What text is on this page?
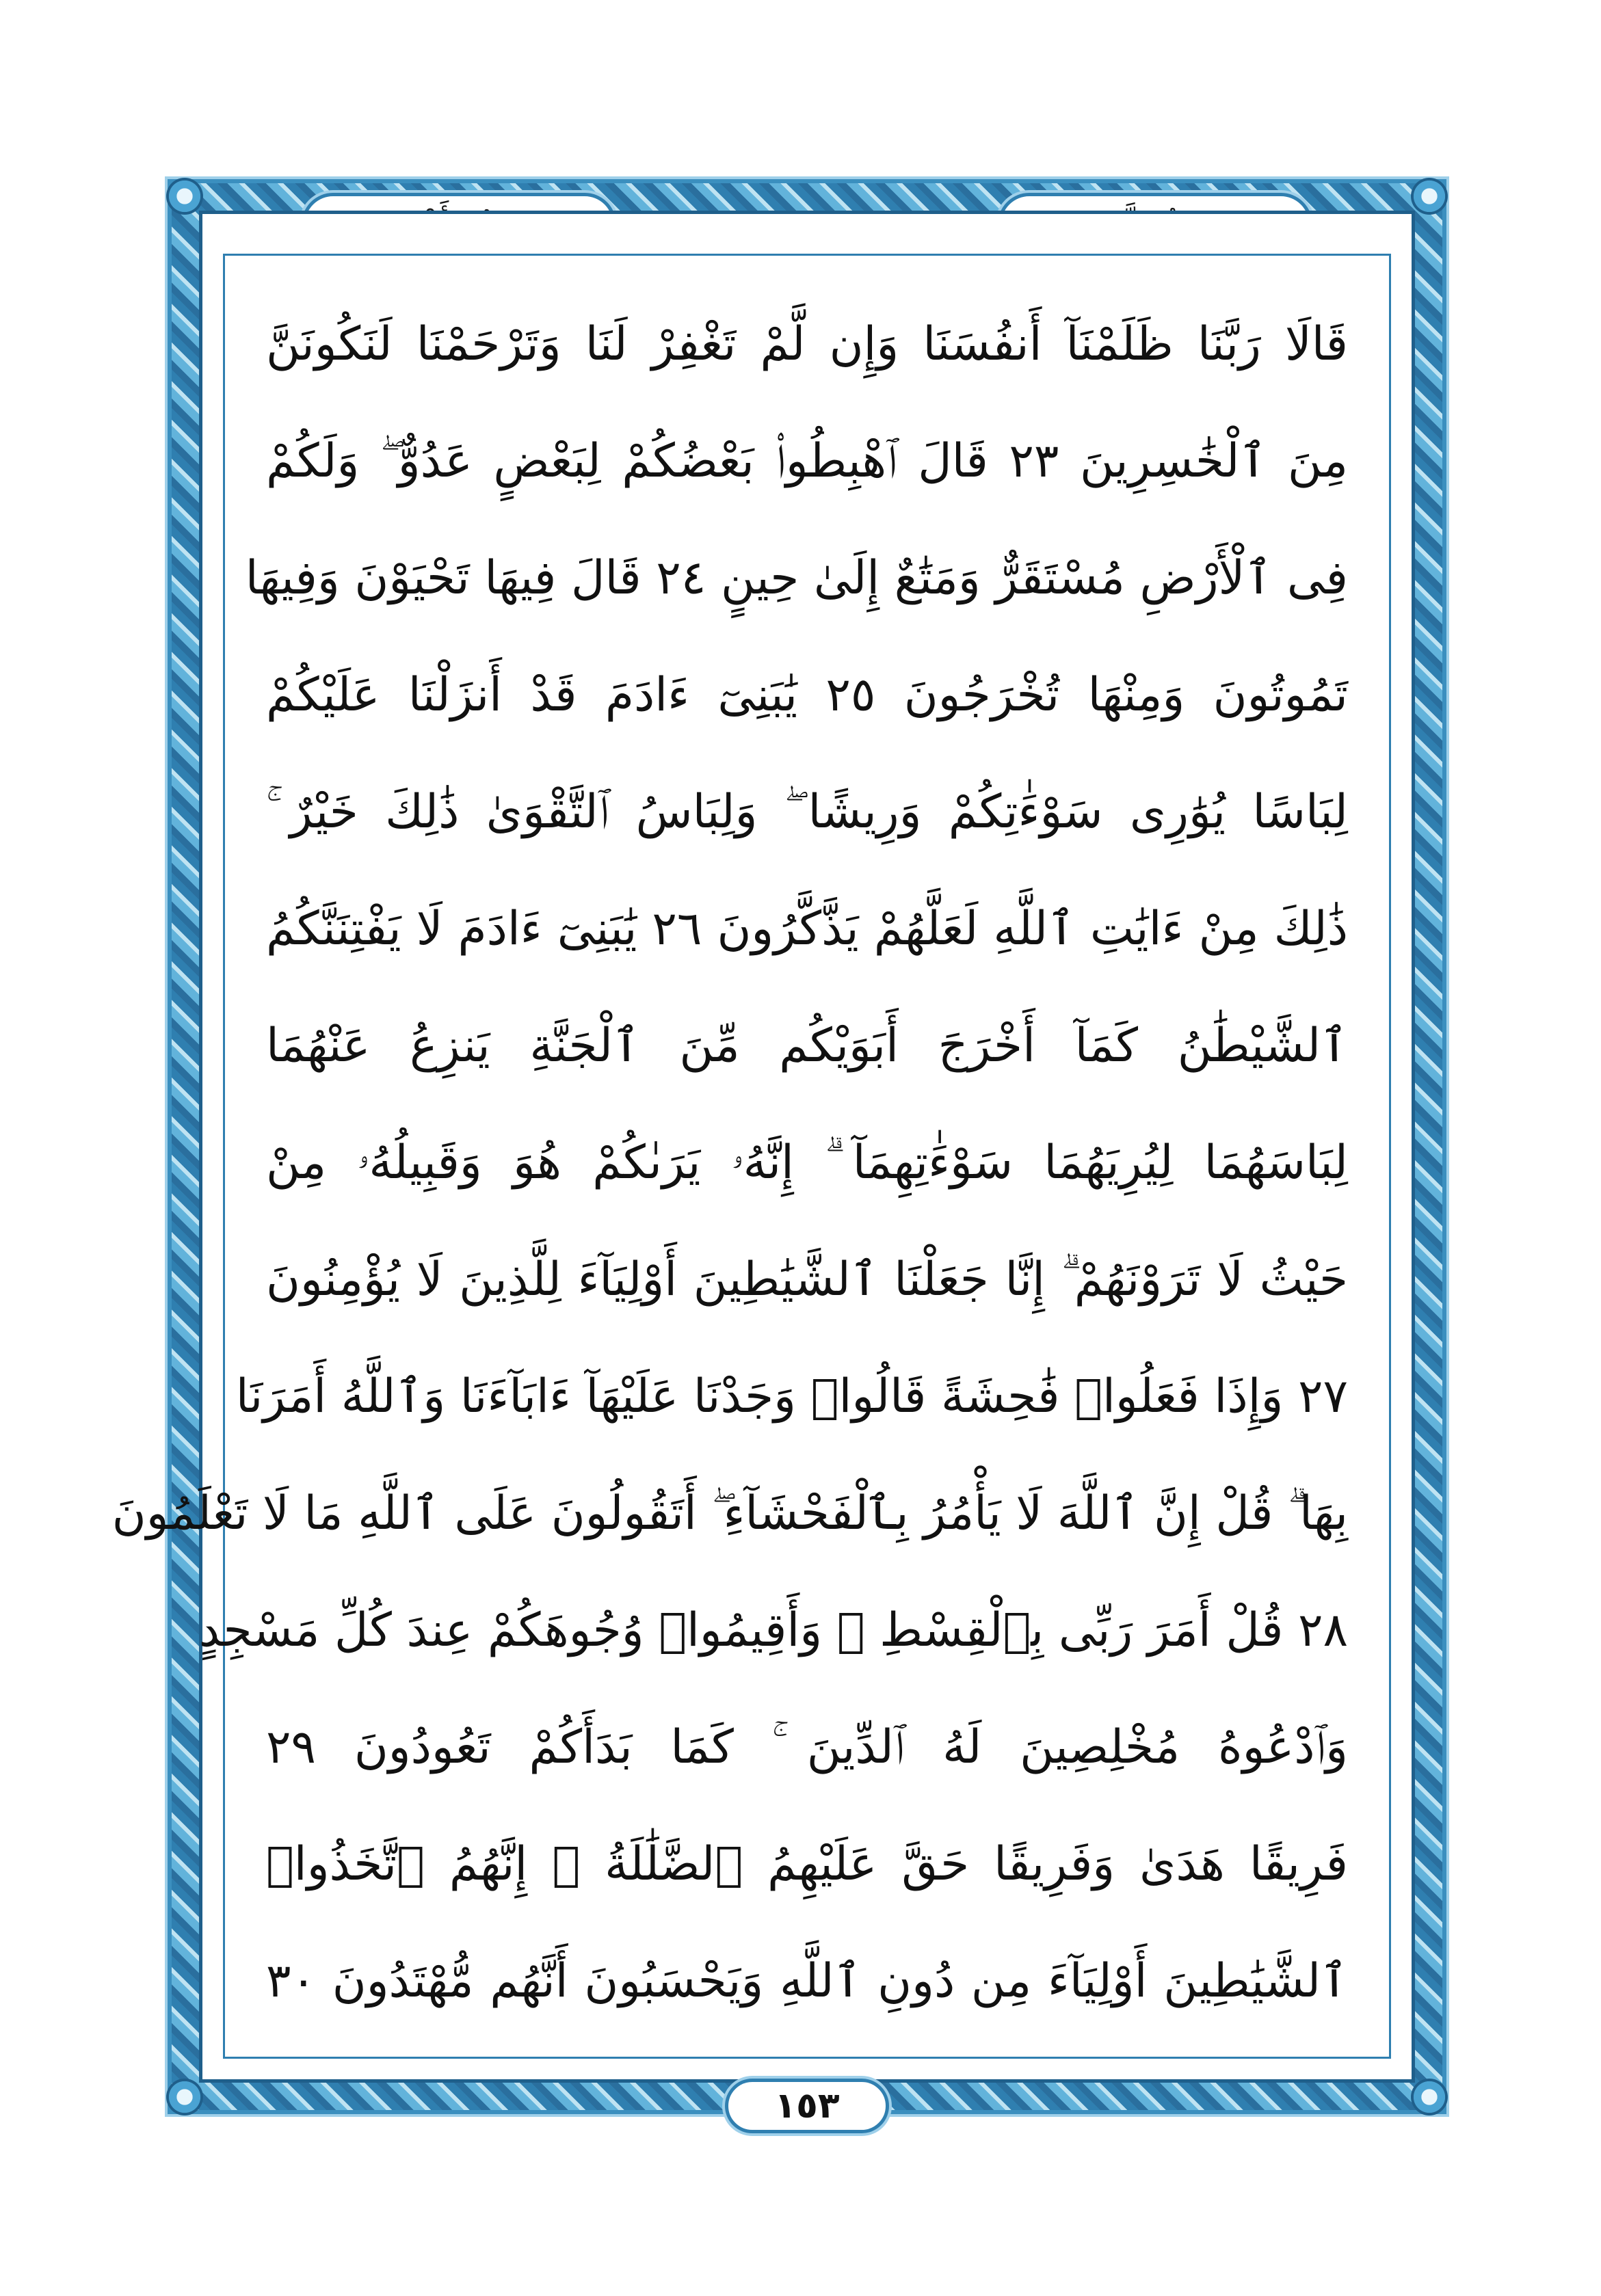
قَالَا رَبَّنَا ظَلَمْنَآ أَنفُسَنَا وَإِن لَّمْ تَغْفِرْ لَنَا وَتَرْحَمْنَا لَنَكُونَنَّ
مِنَ ٱلْخَٰسِرِينَ ٢٣ قَالَ ٱهْبِطُوا۟ بَعْضُكُمْ لِبَعْضٍ عَدُوٌّ ۖ وَلَكُمْ
فِى ٱلْأَرْضِ مُسْتَقَرٌّ وَمَتَٰعٌ إِلَىٰ حِينٍ ٢٤ قَالَ فِيهَا تَحْيَوْنَ وَفِيهَا
تَمُوتُونَ وَمِنْهَا تُخْرَجُونَ ٢٥ يَٰبَنِىٓ ءَادَمَ قَدْ أَنزَلْنَا عَلَيْكُمْ
لِبَاسًا يُوَٰرِى سَوْءَٰتِكُمْ وَرِيشًا ۖ وَلِبَاسُ ٱلتَّقْوَىٰ ذَٰلِكَ خَيْرٌ ۚ
ذَٰلِكَ مِنْ ءَايَٰتِ ٱللَّهِ لَعَلَّهُمْ يَذَّكَّرُونَ ٢٦ يَٰبَنِىٓ ءَادَمَ لَا يَفْتِنَنَّكُمُ
ٱلشَّيْطَٰنُ كَمَآ أَخْرَجَ أَبَوَيْكُم مِّنَ ٱلْجَنَّةِ يَنزِعُ عَنْهُمَا
لِبَاسَهُمَا لِيُرِيَهُمَا سَوْءَٰتِهِمَآ ۗ إِنَّهُۥ يَرَىٰكُمْ هُوَ وَقَبِيلُهُۥ مِنْ
حَيْثُ لَا تَرَوْنَهُمْ ۗ إِنَّا جَعَلْنَا ٱلشَّيَٰطِينَ أَوْلِيَآءَ لِلَّذِينَ لَا يُؤْمِنُونَ
٢٧ وَإِذَا فَعَلُوا۟ فَٰحِشَةً قَالُوا۟ وَجَدْنَا عَلَيْهَآ ءَابَآءَنَا وَٱللَّهُ أَمَرَنَا
بِهَا ۗ قُلْ إِنَّ ٱللَّهَ لَا يَأْمُرُ بِٱلْفَحْشَآءِ ۖ أَتَقُولُونَ عَلَى ٱللَّهِ مَا لَا تَعْلَمُونَ
٢٨ قُلْ أَمَرَ رَبِّى بِٱلْقِسْطِ ۖ وَأَقِيمُوا۟ وُجُوهَكُمْ عِندَ كُلِّ مَسْجِدٍ
وَٱدْعُوهُ مُخْلِصِينَ لَهُ ٱلدِّينَ ۚ كَمَا بَدَأَكُمْ تَعُودُونَ ٢٩
فَرِيقًا هَدَىٰ وَفَرِيقًا حَقَّ عَلَيْهِمُ ٱلضَّلَٰلَةُ ۗ إِنَّهُمُ ٱتَّخَذُوا۟
ٱلشَّيَٰطِينَ أَوْلِيَآءَ مِن دُونِ ٱللَّهِ وَيَحْسَبُونَ أَنَّهُم مُّهْتَدُونَ ٣٠
١٥٣
